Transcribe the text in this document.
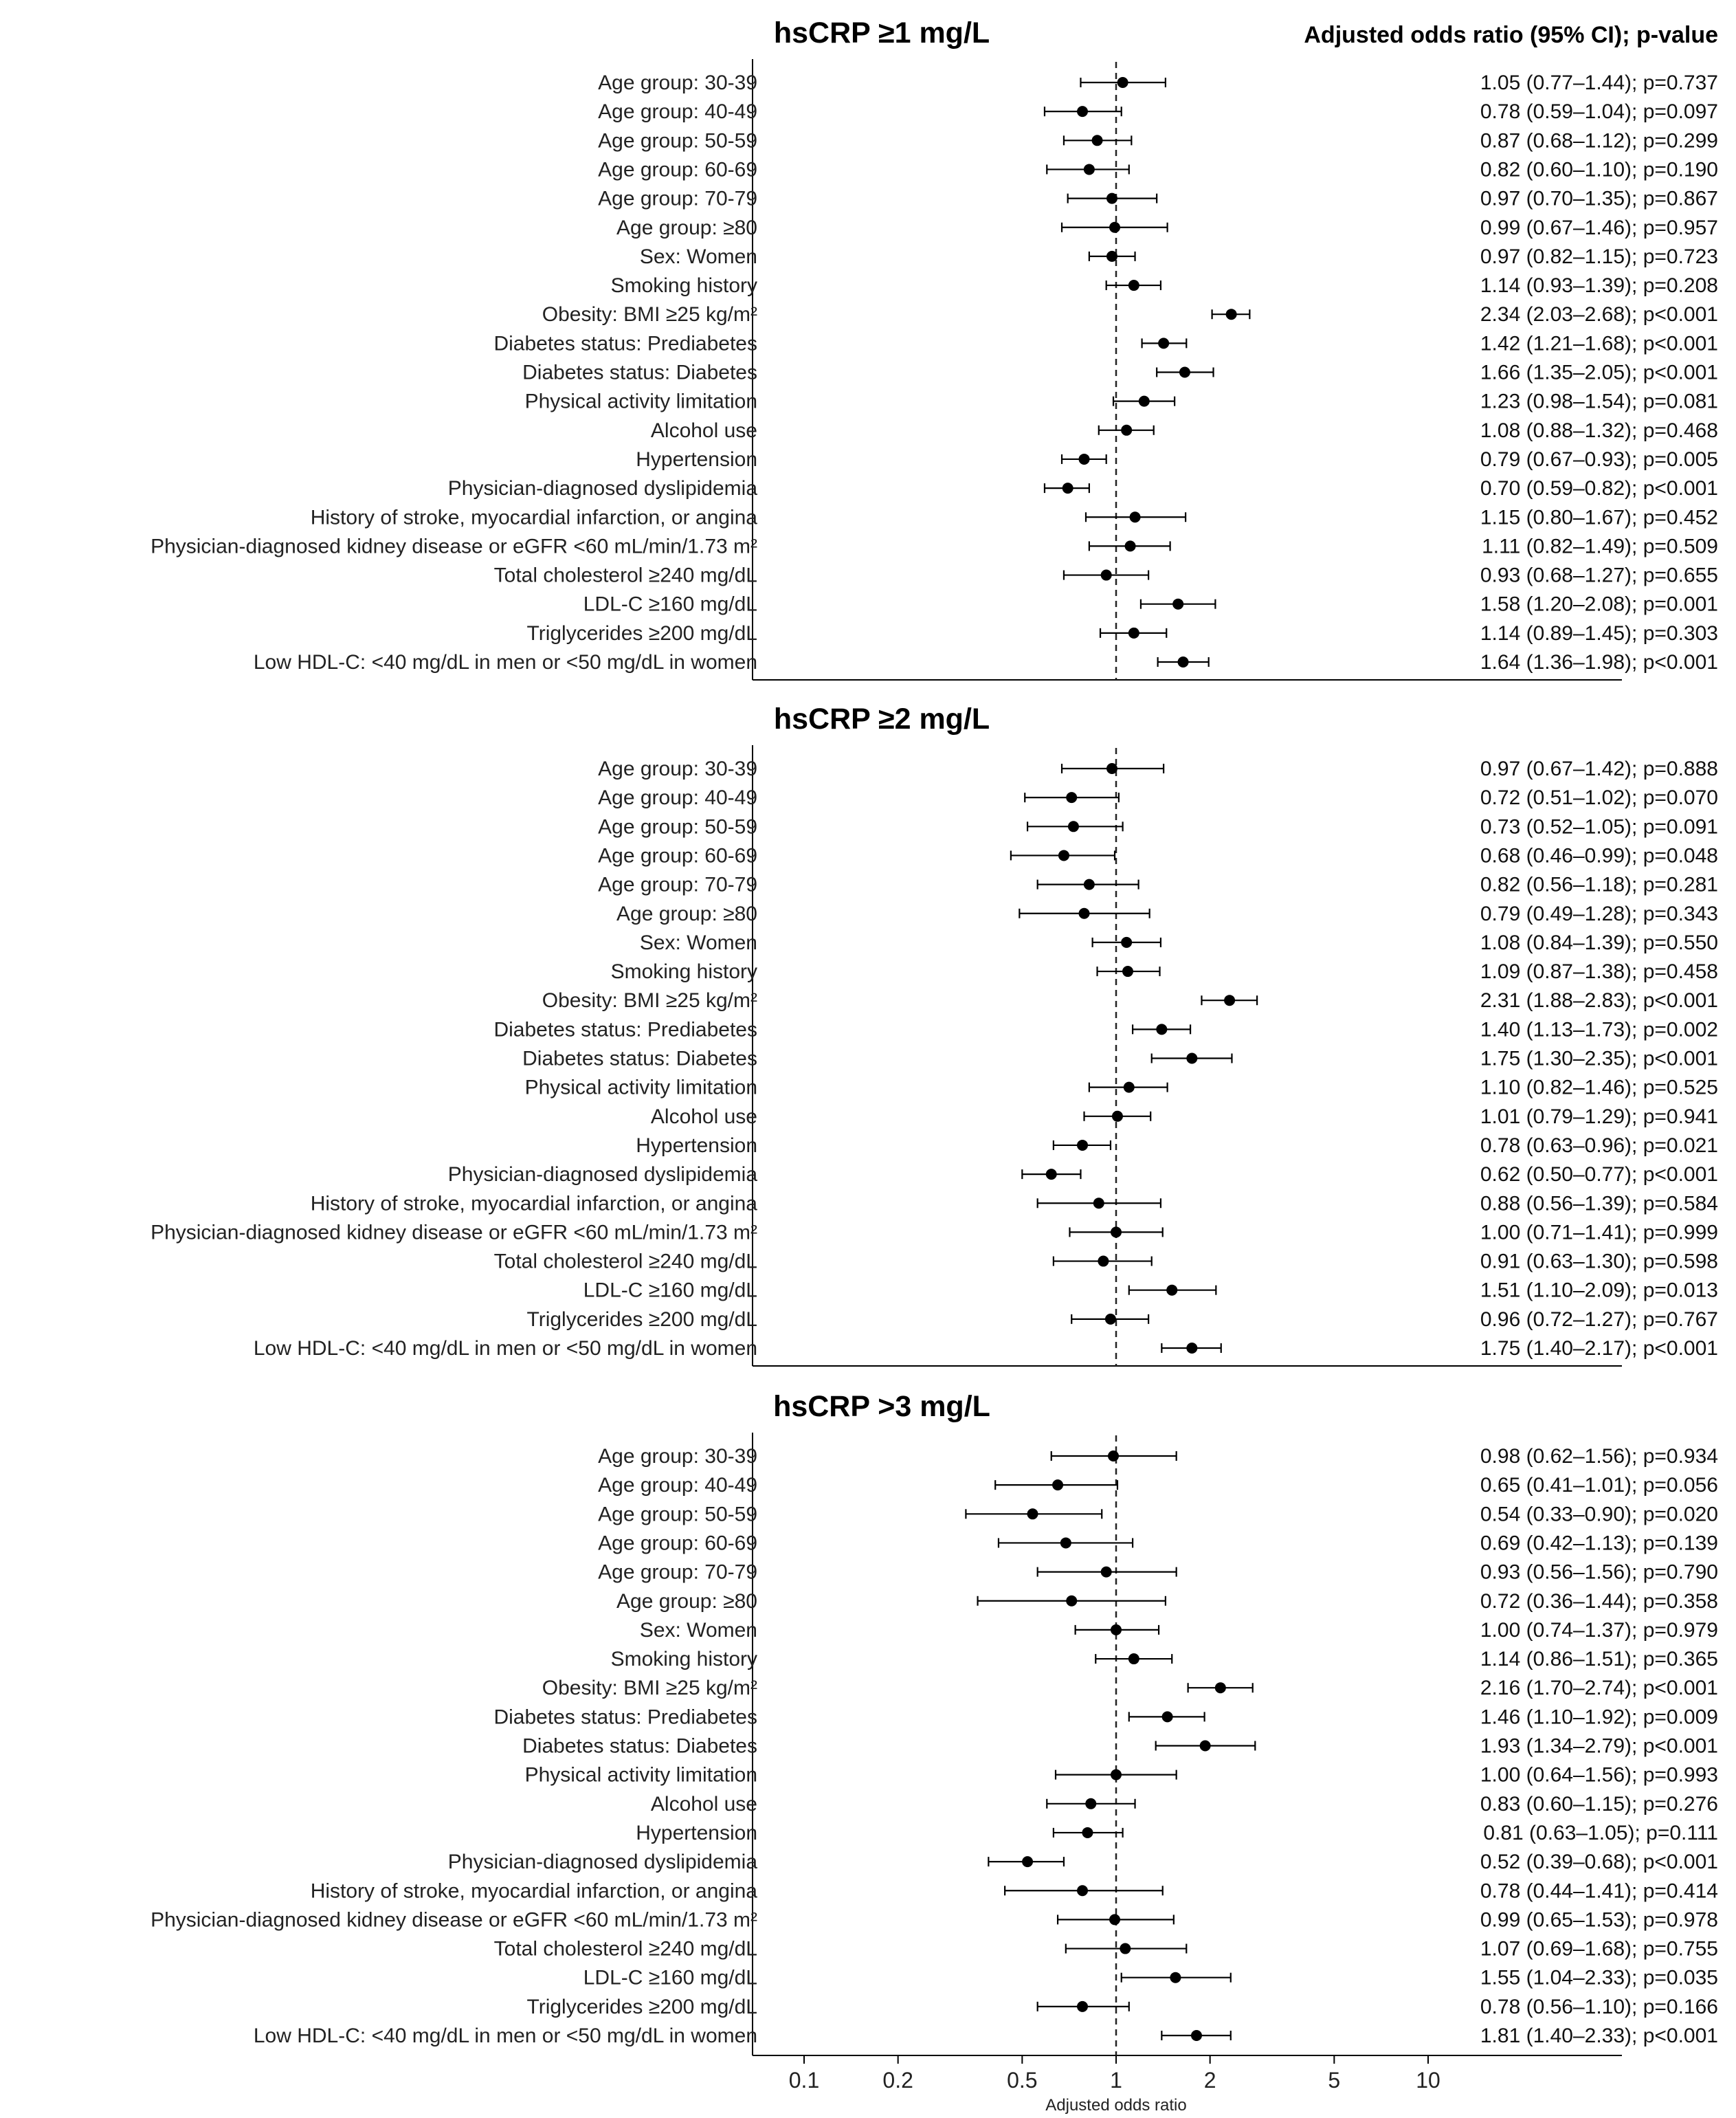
hsCRP ≥1 mg/L	Adjusted odds ratio (95% CI); p-value
Age group: 30-39	1.05 (0.77–1.44); p=0.737
Age group: 40-49	0.78 (0.59–1.04); p=0.097
Age group: 50-59	0.87 (0.68–1.12); p=0.299
Age group: 60-69	0.82 (0.60–1.10); p=0.190
Age group: 70-79	0.97 (0.70–1.35); p=0.867
Age group: ≥80	0.99 (0.67–1.46); p=0.957
Sex: Women	0.97 (0.82–1.15); p=0.723
Smoking history	1.14 (0.93–1.39); p=0.208
Obesity: BMI ≥25 kg/m²	2.34 (2.03–2.68); p<0.001
Diabetes status: Prediabetes	1.42 (1.21–1.68); p<0.001
Diabetes status: Diabetes	1.66 (1.35–2.05); p<0.001
Physical activity limitation	1.23 (0.98–1.54); p=0.081
Alcohol use	1.08 (0.88–1.32); p=0.468
Hypertension	0.79 (0.67–0.93); p=0.005
Physician-diagnosed dyslipidemia	0.70 (0.59–0.82); p<0.001
History of stroke, myocardial infarction, or angina	1.15 (0.80–1.67); p=0.452
Physician-diagnosed kidney disease or eGFR <60 mL/min/1.73 m²	1.11 (0.82–1.49); p=0.509
Total cholesterol ≥240 mg/dL	0.93 (0.68–1.27); p=0.655
LDL-C ≥160 mg/dL	1.58 (1.20–2.08); p=0.001
Triglycerides ≥200 mg/dL	1.14 (0.89–1.45); p=0.303
Low HDL-C: <40 mg/dL in men or <50 mg/dL in women	1.64 (1.36–1.98); p<0.001
hsCRP ≥2 mg/L
Age group: 30-39	0.97 (0.67–1.42); p=0.888
Age group: 40-49	0.72 (0.51–1.02); p=0.070
Age group: 50-59	0.73 (0.52–1.05); p=0.091
Age group: 60-69	0.68 (0.46–0.99); p=0.048
Age group: 70-79	0.82 (0.56–1.18); p=0.281
Age group: ≥80	0.79 (0.49–1.28); p=0.343
Sex: Women	1.08 (0.84–1.39); p=0.550
Smoking history	1.09 (0.87–1.38); p=0.458
Obesity: BMI ≥25 kg/m²	2.31 (1.88–2.83); p<0.001
Diabetes status: Prediabetes	1.40 (1.13–1.73); p=0.002
Diabetes status: Diabetes	1.75 (1.30–2.35); p<0.001
Physical activity limitation	1.10 (0.82–1.46); p=0.525
Alcohol use	1.01 (0.79–1.29); p=0.941
Hypertension	0.78 (0.63–0.96); p=0.021
Physician-diagnosed dyslipidemia	0.62 (0.50–0.77); p<0.001
History of stroke, myocardial infarction, or angina	0.88 (0.56–1.39); p=0.584
Physician-diagnosed kidney disease or eGFR <60 mL/min/1.73 m²	1.00 (0.71–1.41); p=0.999
Total cholesterol ≥240 mg/dL	0.91 (0.63–1.30); p=0.598
LDL-C ≥160 mg/dL	1.51 (1.10–2.09); p=0.013
Triglycerides ≥200 mg/dL	0.96 (0.72–1.27); p=0.767
Low HDL-C: <40 mg/dL in men or <50 mg/dL in women	1.75 (1.40–2.17); p<0.001
hsCRP >3 mg/L
Age group: 30-39	0.98 (0.62–1.56); p=0.934
Age group: 40-49	0.65 (0.41–1.01); p=0.056
Age group: 50-59	0.54 (0.33–0.90); p=0.020
Age group: 60-69	0.69 (0.42–1.13); p=0.139
Age group: 70-79	0.93 (0.56–1.56); p=0.790
Age group: ≥80	0.72 (0.36–1.44); p=0.358
Sex: Women	1.00 (0.74–1.37); p=0.979
Smoking history	1.14 (0.86–1.51); p=0.365
Obesity: BMI ≥25 kg/m²	2.16 (1.70–2.74); p<0.001
Diabetes status: Prediabetes	1.46 (1.10–1.92); p=0.009
Diabetes status: Diabetes	1.93 (1.34–2.79); p<0.001
Physical activity limitation	1.00 (0.64–1.56); p=0.993
Alcohol use	0.83 (0.60–1.15); p=0.276
Hypertension	0.81 (0.63–1.05); p=0.111
Physician-diagnosed dyslipidemia	0.52 (0.39–0.68); p<0.001
History of stroke, myocardial infarction, or angina	0.78 (0.44–1.41); p=0.414
Physician-diagnosed kidney disease or eGFR <60 mL/min/1.73 m²	0.99 (0.65–1.53); p=0.978
Total cholesterol ≥240 mg/dL	1.07 (0.69–1.68); p=0.755
LDL-C ≥160 mg/dL	1.55 (1.04–2.33); p=0.035
Triglycerides ≥200 mg/dL	0.78 (0.56–1.10); p=0.166
Low HDL-C: <40 mg/dL in men or <50 mg/dL in women	1.81 (1.40–2.33); p<0.001
0.1	0.2	0.5	1	2	5	10
Adjusted odds ratio
